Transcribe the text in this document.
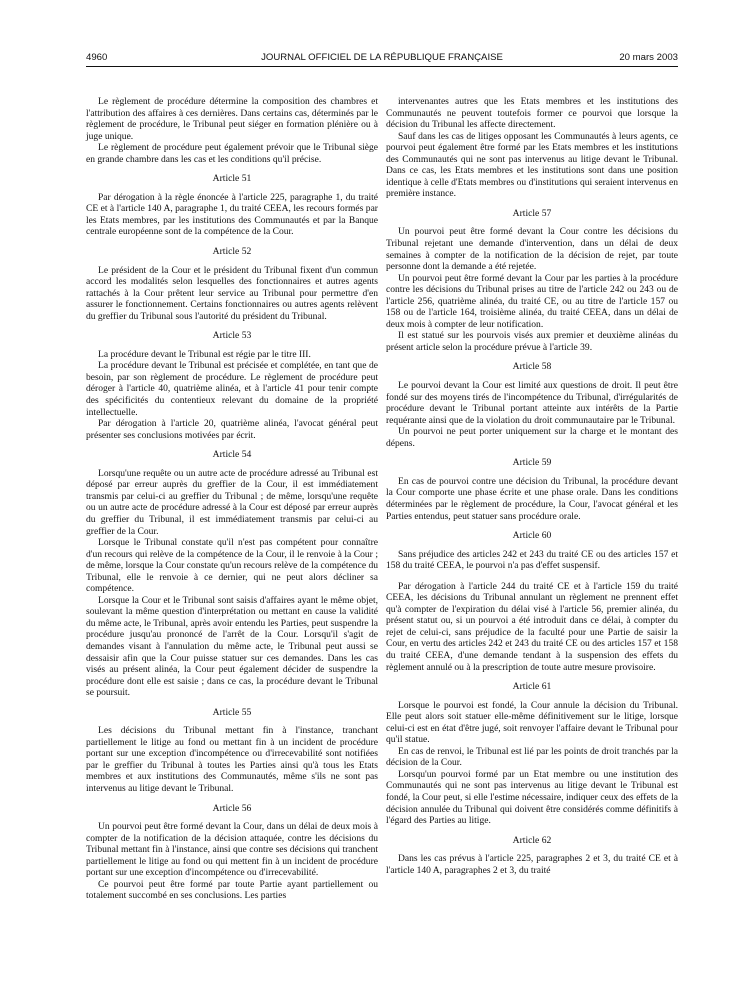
4960	JOURNAL OFFICIEL DE LA RÉPUBLIQUE FRANÇAISE	20 mars 2003

Le règlement de procédure détermine la composition des chambres et l'attribution des affaires à ces dernières. Dans certains cas, déterminés par le règlement de procédure, le Tribunal peut siéger en formation plénière ou à juge unique.

Le règlement de procédure peut également prévoir que le Tribunal siège en grande chambre dans les cas et les conditions qu'il précise.

Article 51

Par dérogation à la règle énoncée à l'article 225, paragraphe 1, du traité CE et à l'article 140 A, paragraphe 1, du traité CEEA, les recours formés par les Etats membres, par les institutions des Communautés et par la Banque centrale européenne sont de la compétence de la Cour.

Article 52

Le président de la Cour et le président du Tribunal fixent d'un commun accord les modalités selon lesquelles des fonctionnaires et autres agents rattachés à la Cour prêtent leur service au Tribunal pour permettre d'en assurer le fonctionnement. Certains fonctionnaires ou autres agents relèvent du greffier du Tribunal sous l'autorité du président du Tribunal.

Article 53

La procédure devant le Tribunal est régie par le titre III.

La procédure devant le Tribunal est précisée et complétée, en tant que de besoin, par son règlement de procédure. Le règlement de procédure peut déroger à l'article 40, quatrième alinéa, et à l'article 41 pour tenir compte des spécificités du contentieux relevant du domaine de la propriété intellectuelle.

Par dérogation à l'article 20, quatrième alinéa, l'avocat général peut présenter ses conclusions motivées par écrit.

Article 54

Lorsqu'une requête ou un autre acte de procédure adressé au Tribunal est déposé par erreur auprès du greffier de la Cour, il est immédiatement transmis par celui-ci au greffier du Tribunal ; de même, lorsqu'une requête ou un autre acte de procédure adressé à la Cour est déposé par erreur auprès du greffier du Tribunal, il est immédiatement transmis par celui-ci au greffier de la Cour.

Lorsque le Tribunal constate qu'il n'est pas compétent pour connaître d'un recours qui relève de la compétence de la Cour, il le renvoie à la Cour ; de même, lorsque la Cour constate qu'un recours relève de la compétence du Tribunal, elle le renvoie à ce dernier, qui ne peut alors décliner sa compétence.

Lorsque la Cour et le Tribunal sont saisis d'affaires ayant le même objet, soulevant la même question d'interprétation ou mettant en cause la validité du même acte, le Tribunal, après avoir entendu les Parties, peut suspendre la procédure jusqu'au prononcé de l'arrêt de la Cour. Lorsqu'il s'agit de demandes visant à l'annulation du même acte, le Tribunal peut aussi se dessaisir afin que la Cour puisse statuer sur ces demandes. Dans les cas visés au présent alinéa, la Cour peut également décider de suspendre la procédure dont elle est saisie ; dans ce cas, la procédure devant le Tribunal se poursuit.

Article 55

Les décisions du Tribunal mettant fin à l'instance, tranchant partiellement le litige au fond ou mettant fin à un incident de procédure portant sur une exception d'incompétence ou d'irrecevabilité sont notifiées par le greffier du Tribunal à toutes les Parties ainsi qu'à tous les Etats membres et aux institutions des Communautés, même s'ils ne sont pas intervenus au litige devant le Tribunal.

Article 56

Un pourvoi peut être formé devant la Cour, dans un délai de deux mois à compter de la notification de la décision attaquée, contre les décisions du Tribunal mettant fin à l'instance, ainsi que contre ses décisions qui tranchent partiellement le litige au fond ou qui mettent fin à un incident de procédure portant sur une exception d'incompétence ou d'irrecevabilité.

Ce pourvoi peut être formé par toute Partie ayant partiellement ou totalement succombé en ses conclusions. Les parties

intervenantes autres que les Etats membres et les institutions des Communautés ne peuvent toutefois former ce pourvoi que lorsque la décision du Tribunal les affecte directement.

Sauf dans les cas de litiges opposant les Communautés à leurs agents, ce pourvoi peut également être formé par les Etats membres et les institutions des Communautés qui ne sont pas intervenus au litige devant le Tribunal. Dans ce cas, les Etats membres et les institutions sont dans une position identique à celle d'Etats membres ou d'institutions qui seraient intervenus en première instance.

Article 57

Un pourvoi peut être formé devant la Cour contre les décisions du Tribunal rejetant une demande d'intervention, dans un délai de deux semaines à compter de la notification de la décision de rejet, par toute personne dont la demande a été rejetée.

Un pourvoi peut être formé devant la Cour par les parties à la procédure contre les décisions du Tribunal prises au titre de l'article 242 ou 243 ou de l'article 256, quatrième alinéa, du traité CE, ou au titre de l'article 157 ou 158 ou de l'article 164, troisième alinéa, du traité CEEA, dans un délai de deux mois à compter de leur notification.

Il est statué sur les pourvois visés aux premier et deuxième alinéas du présent article selon la procédure prévue à l'article 39.

Article 58

Le pourvoi devant la Cour est limité aux questions de droit. Il peut être fondé sur des moyens tirés de l'incompétence du Tribunal, d'irrégularités de procédure devant le Tribunal portant atteinte aux intérêts de la Partie requérante ainsi que de la violation du droit communautaire par le Tribunal.

Un pourvoi ne peut porter uniquement sur la charge et le montant des dépens.

Article 59

En cas de pourvoi contre une décision du Tribunal, la procédure devant la Cour comporte une phase écrite et une phase orale. Dans les conditions déterminées par le règlement de procédure, la Cour, l'avocat général et les Parties entendus, peut statuer sans procédure orale.

Article 60

Sans préjudice des articles 242 et 243 du traité CE ou des articles 157 et 158 du traité CEEA, le pourvoi n'a pas d'effet suspensif.

Par dérogation à l'article 244 du traité CE et à l'article 159 du traité CEEA, les décisions du Tribunal annulant un règlement ne prennent effet qu'à compter de l'expiration du délai visé à l'article 56, premier alinéa, du présent statut ou, si un pourvoi a été introduit dans ce délai, à compter du rejet de celui-ci, sans préjudice de la faculté pour une Partie de saisir la Cour, en vertu des articles 242 et 243 du traité CE ou des articles 157 et 158 du traité CEEA, d'une demande tendant à la suspension des effets du règlement annulé ou à la prescription de toute autre mesure provisoire.

Article 61

Lorsque le pourvoi est fondé, la Cour annule la décision du Tribunal. Elle peut alors soit statuer elle-même définitivement sur le litige, lorsque celui-ci est en état d'être jugé, soit renvoyer l'affaire devant le Tribunal pour qu'il statue.

En cas de renvoi, le Tribunal est lié par les points de droit tranchés par la décision de la Cour.

Lorsqu'un pourvoi formé par un Etat membre ou une institution des Communautés qui ne sont pas intervenus au litige devant le Tribunal est fondé, la Cour peut, si elle l'estime nécessaire, indiquer ceux des effets de la décision annulée du Tribunal qui doivent être considérés comme définitifs à l'égard des Parties au litige.

Article 62

Dans les cas prévus à l'article 225, paragraphes 2 et 3, du traité CE et à l'article 140 A, paragraphes 2 et 3, du traité
